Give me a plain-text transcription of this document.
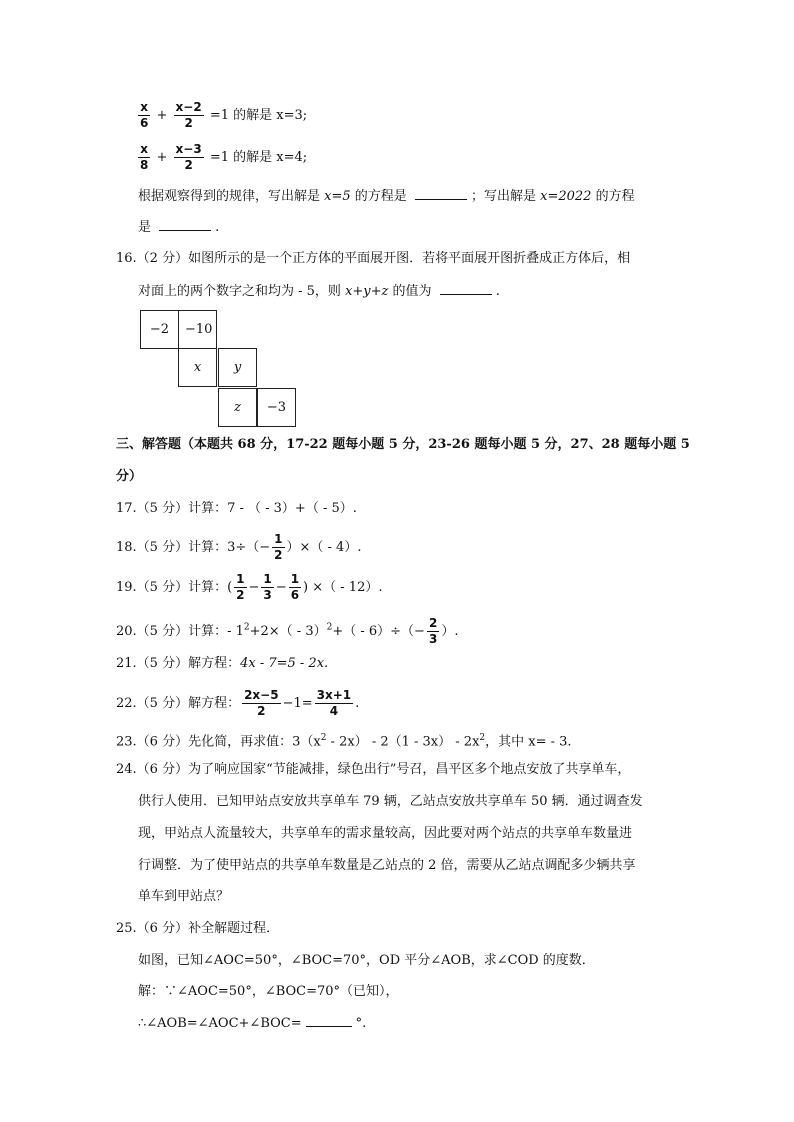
$\frac{x}{6} + \frac{x-2}{2} =1$ 的解是 x=3;
$\frac{x}{8} + \frac{x-3}{2} =1$ 的解是 x=4;
根据观察得到的规律，写出解是 x=5 的方程是	；写出解是 x=2022 的方程
是	.
16.（2 分）如图所示的是一个正方体的平面展开图．若将平面展开图折叠成正方体后，相
对面上的两个数字之和均为 - 5，则 x+y+z 的值为	.
−2	−10
x	y
z	−3
三、解答题（本题共 68 分，17-22 题每小题 5 分，23-26 题每小题 5 分，27、28 题每小题 5
分）
17.（5 分）计算：7 - （ - 3）+（ - 5）.
18.（5 分）计算：$3\div(- \frac{1}{2}$ ）×（ - 4）.
19.（5 分）计算：( $\frac{1}{2} - \frac{1}{3} - \frac{1}{6}$ ) ×（ - 12）.
20.（5 分）计算：- $1^2+2\times( - 3)^2+( - 6)\div(- \frac{2}{3}$ ）.
21.（5 分）解方程：4x - 7=5 - 2x.
22.（5 分）解方程： $\frac{2x-5}{2} -1= \frac{3x+1}{4}$ .
23.（6 分）先化简，再求值：$3(x^2 - 2x) - 2(1 - 3x) - 2x^2$，其中 x= - 3.
24.（6 分）为了响应国家“节能减排，绿色出行”号召，昌平区多个地点安放了共享单车，
供行人使用．已知甲站点安放共享单车 79 辆，乙站点安放共享单车 50 辆．通过调查发
现，甲站点人流量较大，共享单车的需求量较高，因此要对两个站点的共享单车数量进
行调整．为了使甲站点的共享单车数量是乙站点的 2 倍，需要从乙站点调配多少辆共享
单车到甲站点？
25.（6 分）补全解题过程．
如图，已知∠AOC=50°，∠BOC=70°，OD 平分∠AOB，求∠COD 的度数．
解：∵∠AOC=50°，∠BOC=70°（已知），
∴∠AOB=∠AOC+∠BOC=	°.
